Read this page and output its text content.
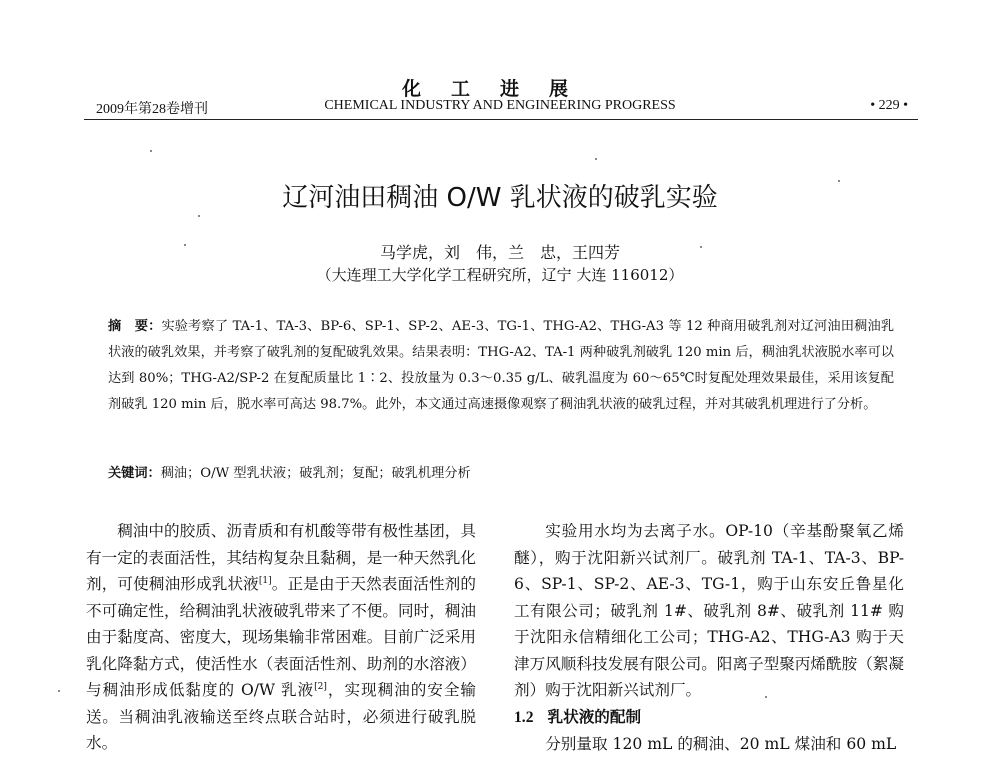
化工进展
2009年第28卷增刊	CHEMICAL INDUSTRY AND ENGINEERING PROGRESS	• 229 •
辽河油田稠油 O/W 乳状液的破乳实验
马学虎，刘　伟，兰　忠，王四芳
（大连理工大学化学工程研究所，辽宁 大连 116012）

摘　要：实验考察了 TA-1、TA-3、BP-6、SP-1、SP-2、AE-3、TG-1、THG-A2、THG-A3 等 12 种商用破乳剂对辽河油田稠油乳状液的破乳效果，并考察了破乳剂的复配破乳效果。结果表明：THG-A2、TA-1 两种破乳剂破乳 120 min 后，稠油乳状液脱水率可以达到 80%；THG-A2/SP-2 在复配质量比 1∶2、投放量为 0.3～0.35 g/L、破乳温度为 60～65℃时复配处理效果最佳，采用该复配剂破乳 120 min 后，脱水率可高达 98.7%。此外，本文通过高速摄像观察了稠油乳状液的破乳过程，并对其破乳机理进行了分析。

关键词：稠油；O/W 型乳状液；破乳剂；复配；破乳机理分析

稠油中的胶质、沥青质和有机酸等带有极性基团，具有一定的表面活性，其结构复杂且黏稠，是一种天然乳化剂，可使稠油形成乳状液[1]。正是由于天然表面活性剂的不可确定性，给稠油乳状液破乳带来了不便。同时，稠油由于黏度高、密度大，现场集输非常困难。目前广泛采用乳化降黏方式，使活性水（表面活性剂、助剂的水溶液）与稠油形成低黏度的 O/W 乳液[2]，实现稠油的安全输送。当稠油乳液输送至终点联合站时，必须进行破乳脱水。

实验用水均为去离子水。OP-10（辛基酚聚氧乙烯醚），购于沈阳新兴试剂厂。破乳剂 TA-1、TA-3、BP-6、SP-1、SP-2、AE-3、TG-1，购于山东安丘鲁星化工有限公司；破乳剂 1#、破乳剂 8#、破乳剂 11# 购于沈阳永信精细化工公司；THG-A2、THG-A3 购于天津万风顺科技发展有限公司。阳离子型聚丙烯酰胺（絮凝剂）购于沈阳新兴试剂厂。

1.2 乳状液的配制

分别量取 120 mL 的稠油、20 mL 煤油和 60 mL
